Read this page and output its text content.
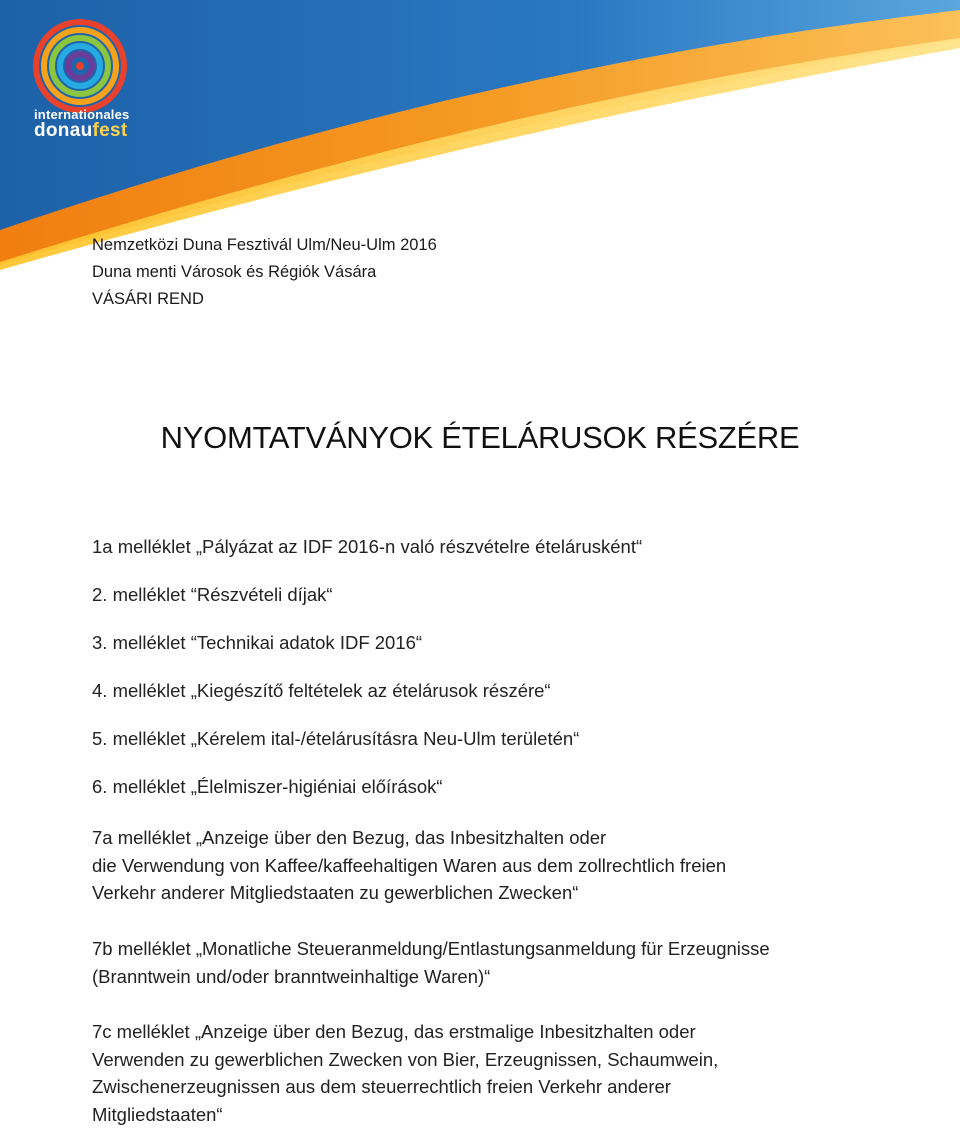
internationales
donaufest
Nemzetközi Duna Fesztivál Ulm/Neu-Ulm 2016
Duna menti Városok és Régiók Vására
VÁSÁRI REND
NYOMTATVÁNYOK ÉTELÁRUSOK RÉSZÉRE
1a melléklet „Pályázat az IDF 2016-n való részvételre ételárusként“
2. melléklet “Részvételi díjak“
3. melléklet “Technikai adatok IDF 2016“
4. melléklet „Kiegészítő feltételek az ételárusok részére“
5. melléklet „Kérelem ital-/ételárusításra Neu-Ulm területén“
6. melléklet „Élelmiszer-higiéniai előírások“
7a melléklet „Anzeige über den Bezug, das Inbesitzhalten oder
die Verwendung von Kaffee/kaffeehaltigen Waren aus dem zollrechtlich freien
Verkehr anderer Mitgliedstaaten zu gewerblichen Zwecken“
7b melléklet „Monatliche Steueranmeldung/Entlastungsanmeldung für Erzeugnisse
(Branntwein und/oder branntweinhaltige Waren)“
7c melléklet „Anzeige über den Bezug, das erstmalige Inbesitzhalten oder
Verwenden zu gewerblichen Zwecken von Bier, Erzeugnissen, Schaumwein,
Zwischenerzeugnissen aus dem steuerrechtlich freien Verkehr anderer
Mitgliedstaaten“
